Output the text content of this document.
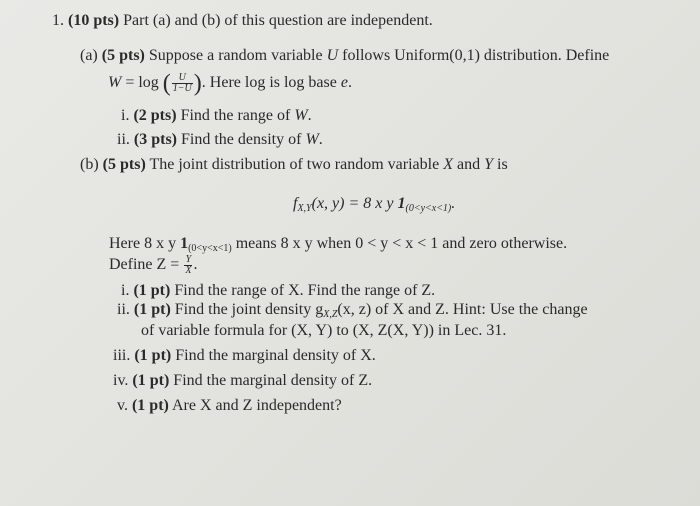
1. (10 pts) Part (a) and (b) of this question are independent.
(a) (5 pts) Suppose a random variable U follows Uniform(0,1) distribution. Define
W = log ( $\frac{U}{1-U}$ ). Here log is log base e.
i. (2 pts) Find the range of W.
ii. (3 pts) Find the density of W.
(b) (5 pts) The joint distribution of two random variable X and Y is
$f_{X,Y}(x$, y) = 8 x y $1_{(0<y<x<1)}$.
Here 8 x y $1_{(0<y<x<1)}$ means 8 x y when 0 < y < x < 1 and zero otherwise.
Define $Z = \frac{Y}{X}$ .
i. (1 pt) Find the range of X. Find the range of Z.
ii. (1 pt) Find the joint density $g_{X,Z}(x$, z) of X and Z. Hint: Use the change
of variable formula for (X, Y) to (X, Z(X, Y)) in Lec. 31.
iii. (1 pt) Find the marginal density of X.
iv. (1 pt) Find the marginal density of Z.
v. (1 pt) Are X and Z independent?
